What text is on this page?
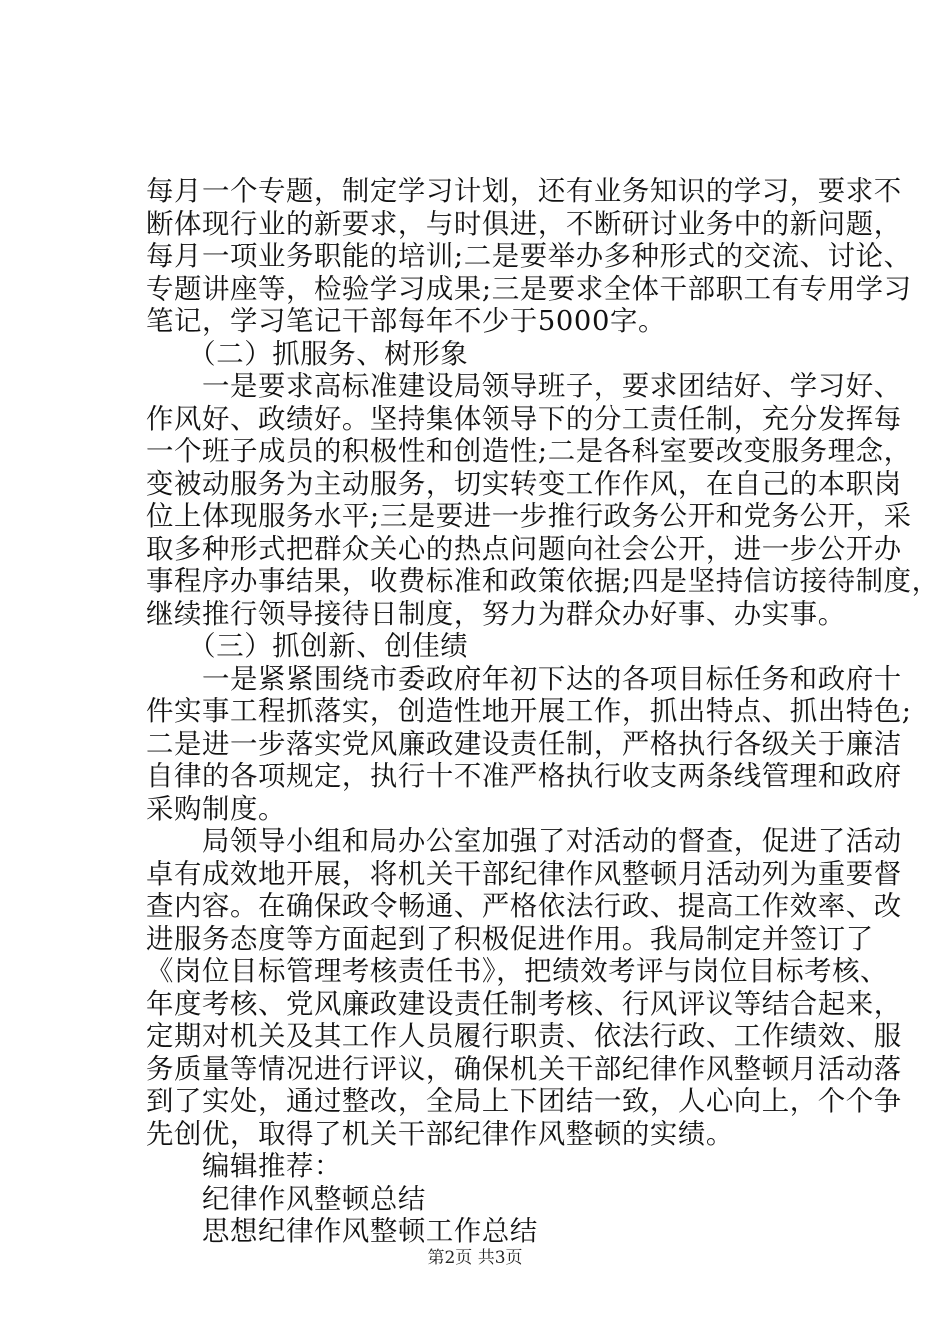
每月一个专题，制定学习计划，还有业务知识的学习，要求不
断体现行业的新要求，与时俱进，不断研讨业务中的新问题，
每月一项业务职能的培训;二是要举办多种形式的交流、讨论、
专题讲座等，检验学习成果;三是要求全体干部职工有专用学习
笔记，学习笔记干部每年不少于5000字。
　　（二）抓服务、树形象
　　一是要求高标准建设局领导班子，要求团结好、学习好、
作风好、政绩好。坚持集体领导下的分工责任制，充分发挥每
一个班子成员的积极性和创造性;二是各科室要改变服务理念，
变被动服务为主动服务，切实转变工作作风，在自己的本职岗
位上体现服务水平;三是要进一步推行政务公开和党务公开，采
取多种形式把群众关心的热点问题向社会公开，进一步公开办
事程序办事结果，收费标准和政策依据;四是坚持信访接待制度，
继续推行领导接待日制度，努力为群众办好事、办实事。
　　（三）抓创新、创佳绩
　　一是紧紧围绕市委政府年初下达的各项目标任务和政府十
件实事工程抓落实，创造性地开展工作，抓出特点、抓出特色;
二是进一步落实党风廉政建设责任制，严格执行各级关于廉洁
自律的各项规定，执行十不准严格执行收支两条线管理和政府
采购制度。
　　局领导小组和局办公室加强了对活动的督查，促进了活动
卓有成效地开展，将机关干部纪律作风整顿月活动列为重要督
查内容。在确保政令畅通、严格依法行政、提高工作效率、改
进服务态度等方面起到了积极促进作用。我局制定并签订了
《岗位目标管理考核责任书》，把绩效考评与岗位目标考核、
年度考核、党风廉政建设责任制考核、行风评议等结合起来，
定期对机关及其工作人员履行职责、依法行政、工作绩效、服
务质量等情况进行评议，确保机关干部纪律作风整顿月活动落
到了实处，通过整改，全局上下团结一致，人心向上，个个争
先创优，取得了机关干部纪律作风整顿的实绩。
　　编辑推荐：
　　纪律作风整顿总结
　　思想纪律作风整顿工作总结
第2页 共3页
